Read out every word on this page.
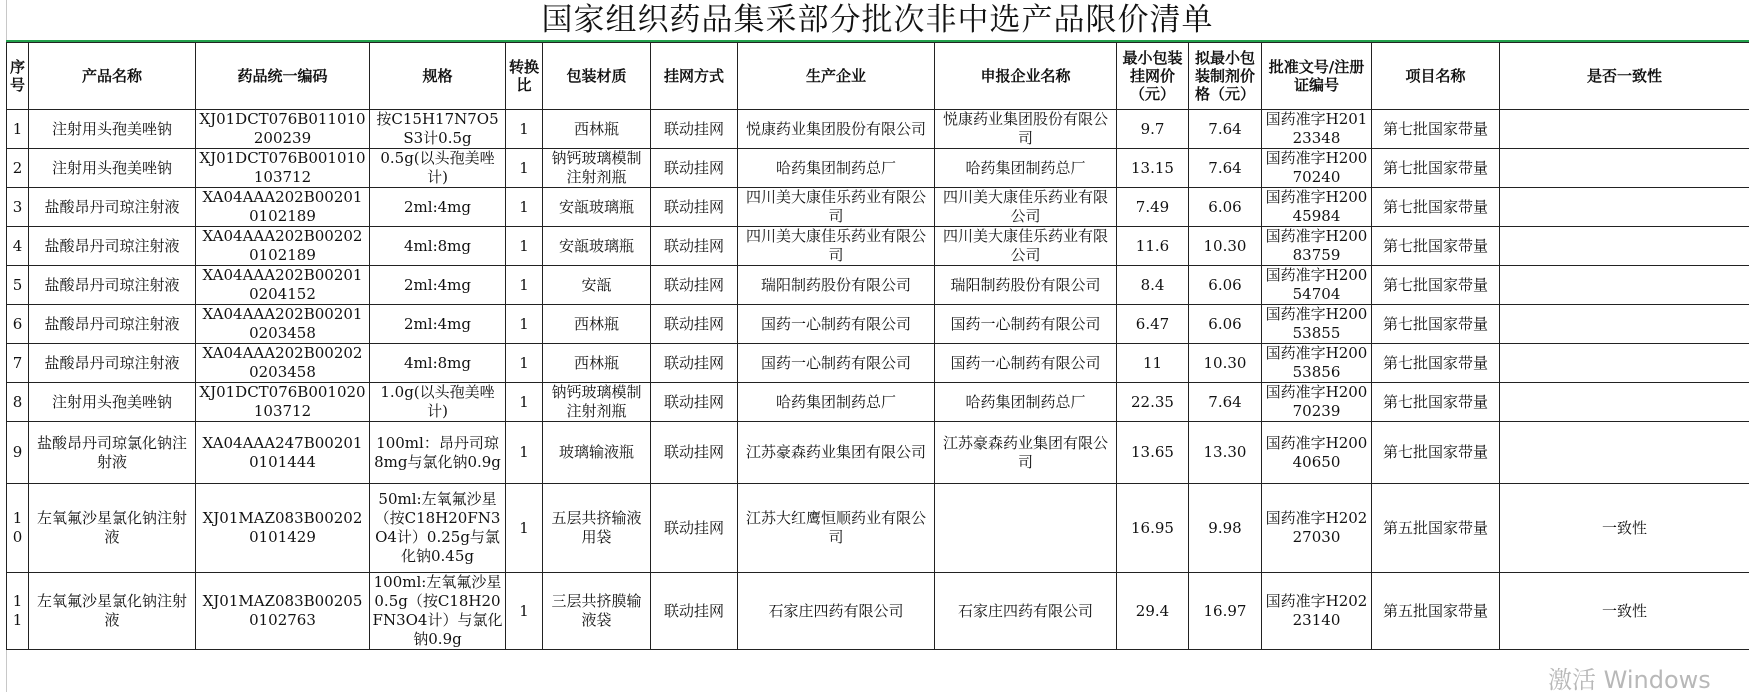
国家组织药品集采部分批次非中选产品限价清单
序号	产品名称	药品统一编码	规格	转换比	包装材质	挂网方式	生产企业	申报企业名称	最小包装挂网价（元）	拟最小包装制剂价格（元）	批准文号/注册证编号	项目名称	是否一致性
1	注射用头孢美唑钠	XJ01DCT076B011010200239	按C15H17N7O5S3计0.5g	1	西林瓶	联动挂网	悦康药业集团股份有限公司	悦康药业集团股份有限公司	9.7	7.64	国药准字H20123348	第七批国家带量	
2	注射用头孢美唑钠	XJ01DCT076B001010103712	0.5g(以头孢美唑计)	1	钠钙玻璃模制注射剂瓶	联动挂网	哈药集团制药总厂	哈药集团制药总厂	13.15	7.64	国药准字H20070240	第七批国家带量	
3	盐酸昂丹司琼注射液	XA04AAA202B002010102189	2ml:4mg	1	安瓿玻璃瓶	联动挂网	四川美大康佳乐药业有限公司	四川美大康佳乐药业有限公司	7.49	6.06	国药准字H20045984	第七批国家带量	
4	盐酸昂丹司琼注射液	XA04AAA202B002020102189	4ml:8mg	1	安瓿玻璃瓶	联动挂网	四川美大康佳乐药业有限公司	四川美大康佳乐药业有限公司	11.6	10.30	国药准字H20083759	第七批国家带量	
5	盐酸昂丹司琼注射液	XA04AAA202B002010204152	2ml:4mg	1	安瓿	联动挂网	瑞阳制药股份有限公司	瑞阳制药股份有限公司	8.4	6.06	国药准字H20054704	第七批国家带量	
6	盐酸昂丹司琼注射液	XA04AAA202B002010203458	2ml:4mg	1	西林瓶	联动挂网	国药一心制药有限公司	国药一心制药有限公司	6.47	6.06	国药准字H20053855	第七批国家带量	
7	盐酸昂丹司琼注射液	XA04AAA202B002020203458	4ml:8mg	1	西林瓶	联动挂网	国药一心制药有限公司	国药一心制药有限公司	11	10.30	国药准字H20053856	第七批国家带量	
8	注射用头孢美唑钠	XJ01DCT076B001020103712	1.0g(以头孢美唑计)	1	钠钙玻璃模制注射剂瓶	联动挂网	哈药集团制药总厂	哈药集团制药总厂	22.35	7.64	国药准字H20070239	第七批国家带量	
9	盐酸昂丹司琼氯化钠注射液	XA04AAA247B002010101444	100ml：昂丹司琼8mg与氯化钠0.9g	1	玻璃输液瓶	联动挂网	江苏豪森药业集团有限公司	江苏豪森药业集团有限公司	13.65	13.30	国药准字H20040650	第七批国家带量	
10	左氧氟沙星氯化钠注射液	XJ01MAZ083B002020101429	50ml:左氧氟沙星（按C18H20FN3O4计）0.25g与氯化钠0.45g	1	五层共挤输液用袋	联动挂网	江苏大红鹰恒顺药业有限公司		16.95	9.98	国药准字H20227030	第五批国家带量	一致性
11	左氧氟沙星氯化钠注射液	XJ01MAZ083B002050102763	100ml:左氧氟沙星0.5g（按C18H20FN3O4计）与氯化钠0.9g	1	三层共挤膜输液袋	联动挂网	石家庄四药有限公司	石家庄四药有限公司	29.4	16.97	国药准字H20223140	第五批国家带量	一致性
激活 Windows
